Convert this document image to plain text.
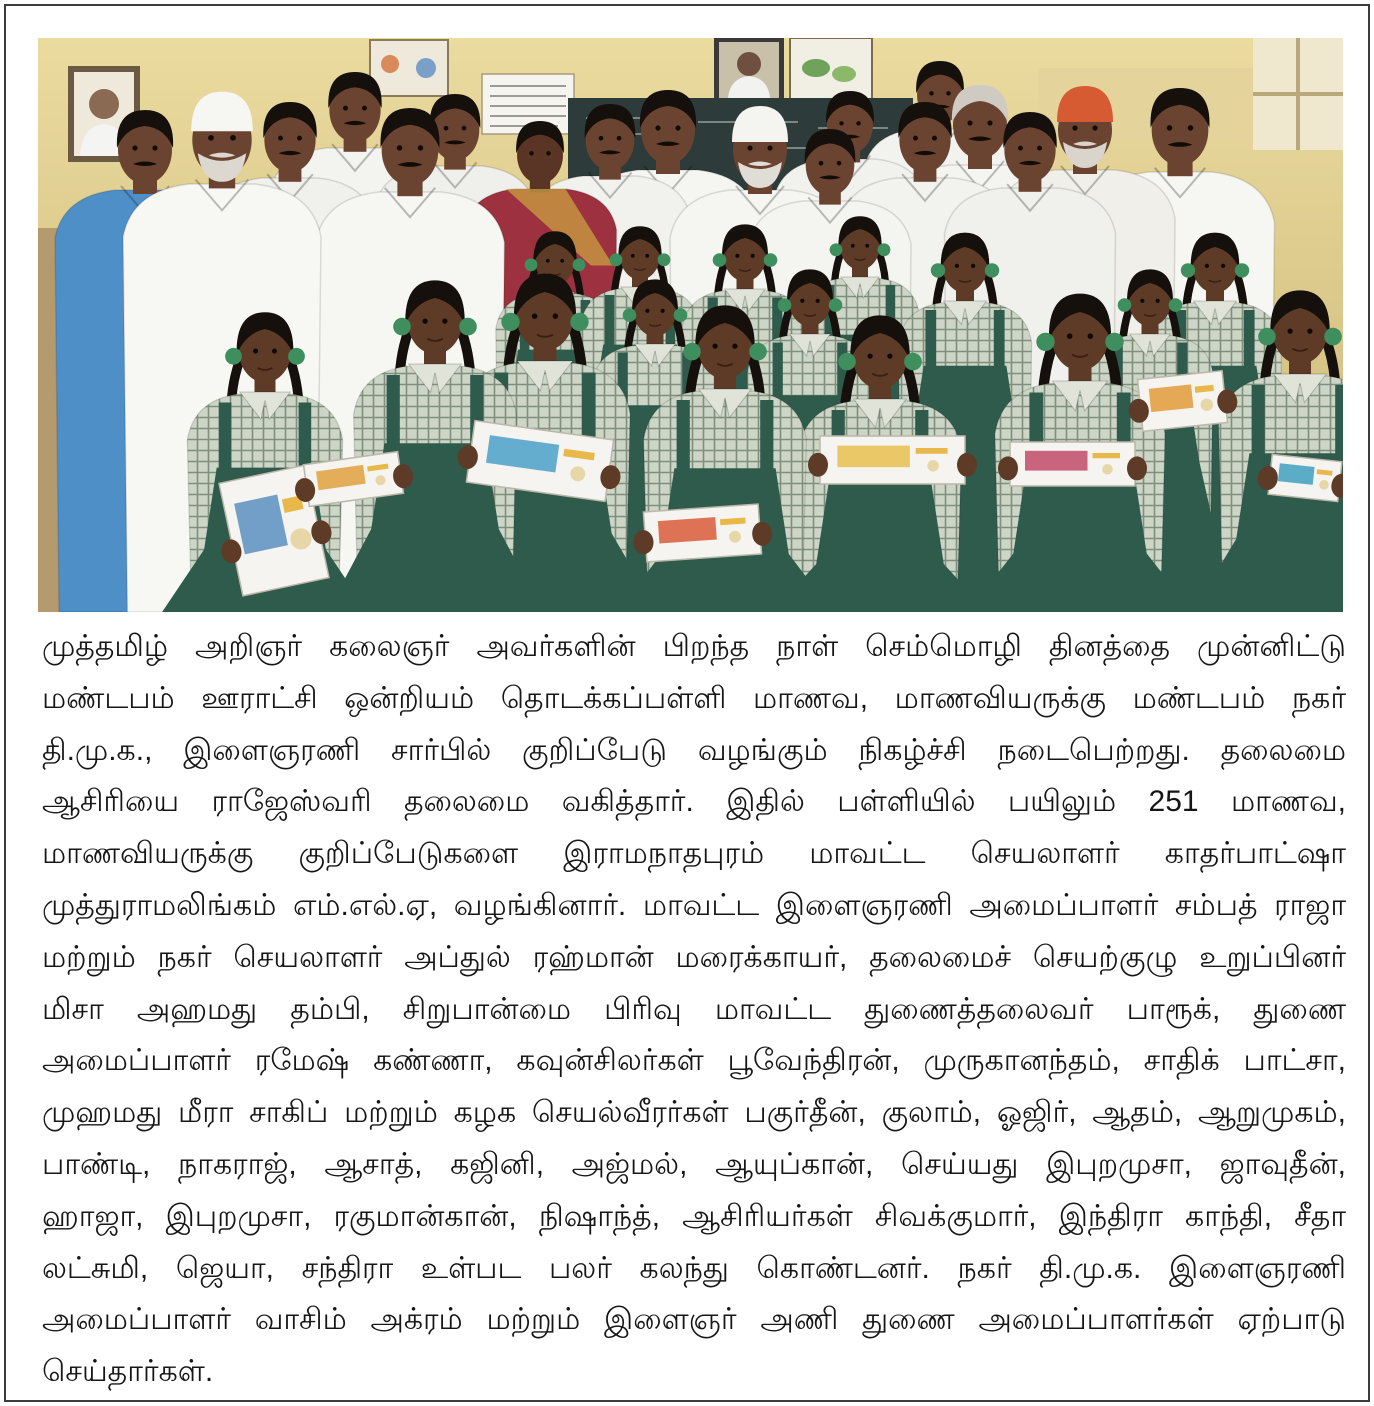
முத்தமிழ் அறிஞர் கலைஞர் அவர்களின் பிறந்த நாள் செம்மொழி தினத்தை முன்னிட்டு
மண்டபம் ஊராட்சி ஒன்றியம் தொடக்கப்பள்ளி மாணவ, மாணவியருக்கு மண்டபம் நகர்
தி.மு.க., இளைஞரணி சார்பில் குறிப்பேடு வழங்கும் நிகழ்ச்சி நடைபெற்றது. தலைமை
ஆசிரியை ராஜேஸ்வரி தலைமை வகித்தார். இதில் பள்ளியில் பயிலும் 251 மாணவ,
மாணவியருக்கு குறிப்பேடுகளை இராமநாதபுரம் மாவட்ட செயலாளர் காதர்பாட்ஷா
முத்துராமலிங்கம் எம்.எல்.ஏ, வழங்கினார். மாவட்ட இளைஞரணி அமைப்பாளர் சம்பத் ராஜா
மற்றும் நகர் செயலாளர் அப்துல் ரஹ்மான் மரைக்காயர், தலைமைச் செயற்குழு உறுப்பினர்
மிசா அஹமது தம்பி, சிறுபான்மை பிரிவு மாவட்ட துணைத்தலைவர் பாரூக், துணை
அமைப்பாளர் ரமேஷ் கண்ணா, கவுன்சிலர்கள் பூவேந்திரன், முருகானந்தம், சாதிக் பாட்சா,
முஹமது மீரா சாகிப் மற்றும் கழக செயல்வீரர்கள் பகுர்தீன், குலாம், ஓஜிர், ஆதம், ஆறுமுகம்,
பாண்டி, நாகராஜ், ஆசாத், கஜினி, அஜ்மல், ஆயுப்கான், செய்யது இபுறமுசா, ஜாவுதீன்,
ஹாஜா, இபுறமுசா, ரகுமான்கான், நிஷாந்த், ஆசிரியர்கள் சிவக்குமார், இந்திரா காந்தி, சீதா
லட்சுமி, ஜெயா, சந்திரா உள்பட பலர் கலந்து கொண்டனர். நகர் தி.மு.க. இளைஞரணி
அமைப்பாளர் வாசிம் அக்ரம் மற்றும் இளைஞர் அணி துணை அமைப்பாளர்கள் ஏற்பாடு
செய்தார்கள்.
